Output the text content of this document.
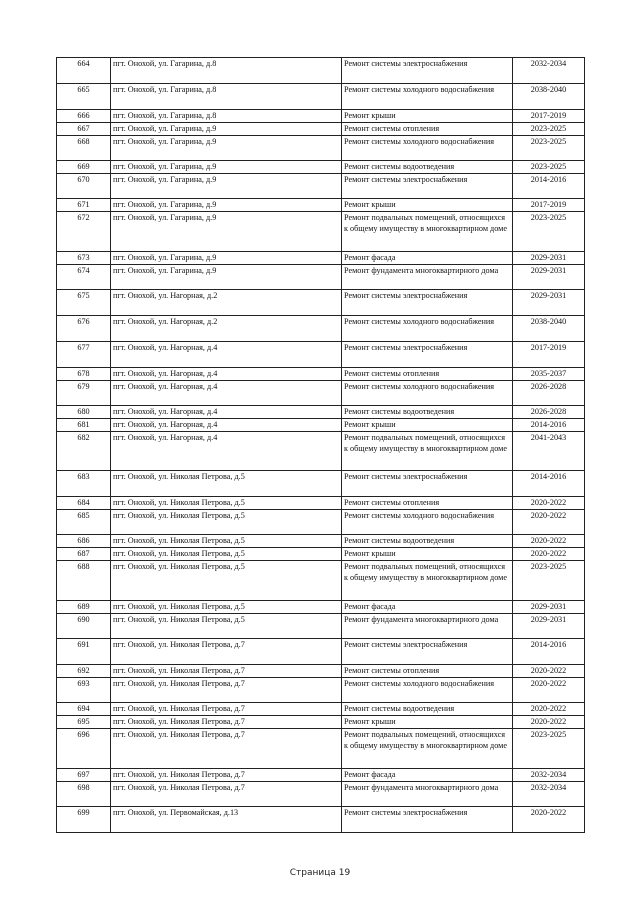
664	пгт. Онохой, ул. Гагарина, д.8	Ремонт системы электроснабжения	2032-2034
665	пгт. Онохой, ул. Гагарина, д.8	Ремонт системы холодного водоснабжения	2038-2040
666	пгт. Онохой, ул. Гагарина, д.8	Ремонт крыши	2017-2019
667	пгт. Онохой, ул. Гагарина, д.9	Ремонт системы отопления	2023-2025
668	пгт. Онохой, ул. Гагарина, д.9	Ремонт системы холодного водоснабжения	2023-2025
669	пгт. Онохой, ул. Гагарина, д.9	Ремонт системы водоотведения	2023-2025
670	пгт. Онохой, ул. Гагарина, д.9	Ремонт системы электроснабжения	2014-2016
671	пгт. Онохой, ул. Гагарина, д.9	Ремонт крыши	2017-2019
672	пгт. Онохой, ул. Гагарина, д.9	Ремонт подвальных помещений, относящихся к общему имуществу в многоквартирном доме	2023-2025
673	пгт. Онохой, ул. Гагарина, д.9	Ремонт фасада	2029-2031
674	пгт. Онохой, ул. Гагарина, д.9	Ремонт фундамента многоквартирного дома	2029-2031
675	пгт. Онохой, ул. Нагорная, д.2	Ремонт системы электроснабжения	2029-2031
676	пгт. Онохой, ул. Нагорная, д.2	Ремонт системы холодного водоснабжения	2038-2040
677	пгт. Онохой, ул. Нагорная, д.4	Ремонт системы электроснабжения	2017-2019
678	пгт. Онохой, ул. Нагорная, д.4	Ремонт системы отопления	2035-2037
679	пгт. Онохой, ул. Нагорная, д.4	Ремонт системы холодного водоснабжения	2026-2028
680	пгт. Онохой, ул. Нагорная, д.4	Ремонт системы водоотведения	2026-2028
681	пгт. Онохой, ул. Нагорная, д.4	Ремонт крыши	2014-2016
682	пгт. Онохой, ул. Нагорная, д.4	Ремонт подвальных помещений, относящихся к общему имуществу в многоквартирном доме	2041-2043
683	пгт. Онохой, ул. Николая Петрова, д.5	Ремонт системы электроснабжения	2014-2016
684	пгт. Онохой, ул. Николая Петрова, д.5	Ремонт системы отопления	2020-2022
685	пгт. Онохой, ул. Николая Петрова, д.5	Ремонт системы холодного водоснабжения	2020-2022
686	пгт. Онохой, ул. Николая Петрова, д.5	Ремонт системы водоотведения	2020-2022
687	пгт. Онохой, ул. Николая Петрова, д.5	Ремонт крыши	2020-2022
688	пгт. Онохой, ул. Николая Петрова, д.5	Ремонт подвальных помещений, относящихся к общему имуществу в многоквартирном доме	2023-2025
689	пгт. Онохой, ул. Николая Петрова, д.5	Ремонт фасада	2029-2031
690	пгт. Онохой, ул. Николая Петрова, д.5	Ремонт фундамента многоквартирного дома	2029-2031
691	пгт. Онохой, ул. Николая Петрова, д.7	Ремонт системы электроснабжения	2014-2016
692	пгт. Онохой, ул. Николая Петрова, д.7	Ремонт системы отопления	2020-2022
693	пгт. Онохой, ул. Николая Петрова, д.7	Ремонт системы холодного водоснабжения	2020-2022
694	пгт. Онохой, ул. Николая Петрова, д.7	Ремонт системы водоотведения	2020-2022
695	пгт. Онохой, ул. Николая Петрова, д.7	Ремонт крыши	2020-2022
696	пгт. Онохой, ул. Николая Петрова, д.7	Ремонт подвальных помещений, относящихся к общему имуществу в многоквартирном доме	2023-2025
697	пгт. Онохой, ул. Николая Петрова, д.7	Ремонт фасада	2032-2034
698	пгт. Онохой, ул. Николая Петрова, д.7	Ремонт фундамента многоквартирного дома	2032-2034
699	пгт. Онохой, ул. Первомайская, д.13	Ремонт системы электроснабжения	2020-2022
Страница 19
